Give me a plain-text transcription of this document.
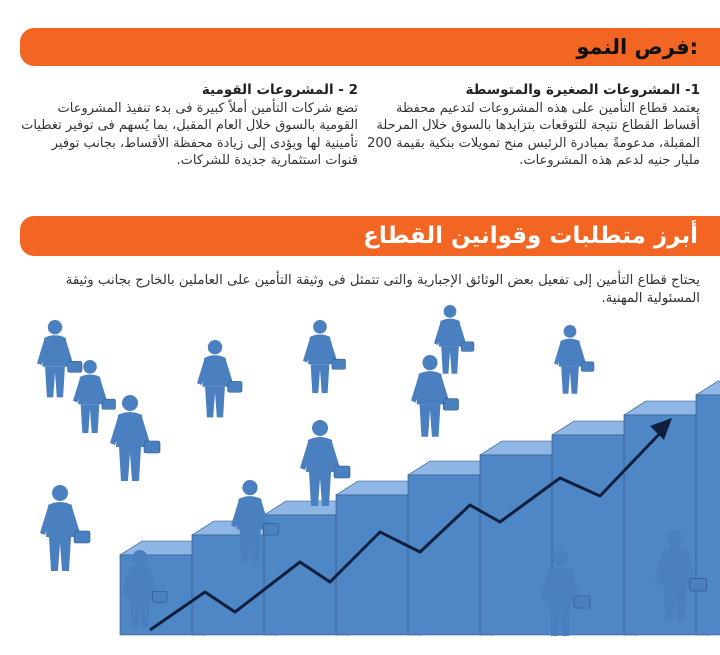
فرص النمو:
1- المشروعات الصغيرة والمتوسطة
يعتمد قطاع التأمين على هذه المشروعات لتدعيم محفظة أقساط القطاع نتيجة للتوقعات بتزايدها بالسوق خلال المرحلة المقبلة، مدعومةً بمبادرة الرئيس منح تمويلات بنكية بقيمة 200 مليار جنيه لدعم هذه المشروعات.
2 - المشروعات القومية
تضع شركات التأمين أملاً كبيرة فى بدء تنفيذ المشروعات القومية بالسوق خلال العام المقبل، بما يُسهم فى توفير تغطيات تأمينية لها ويؤدى إلى زيادة محفظة الأقساط، بجانب توفير قنوات استثمارية جديدة للشركات.
أبرز متطلبات وقوانين القطاع
يحتاج قطاع التأمين إلى تفعيل بعض الوثائق الإجبارية والتى تتمثل فى وثيقة التأمين على العاملين بالخارج بجانب وثيقة المسئولية المهنية.
